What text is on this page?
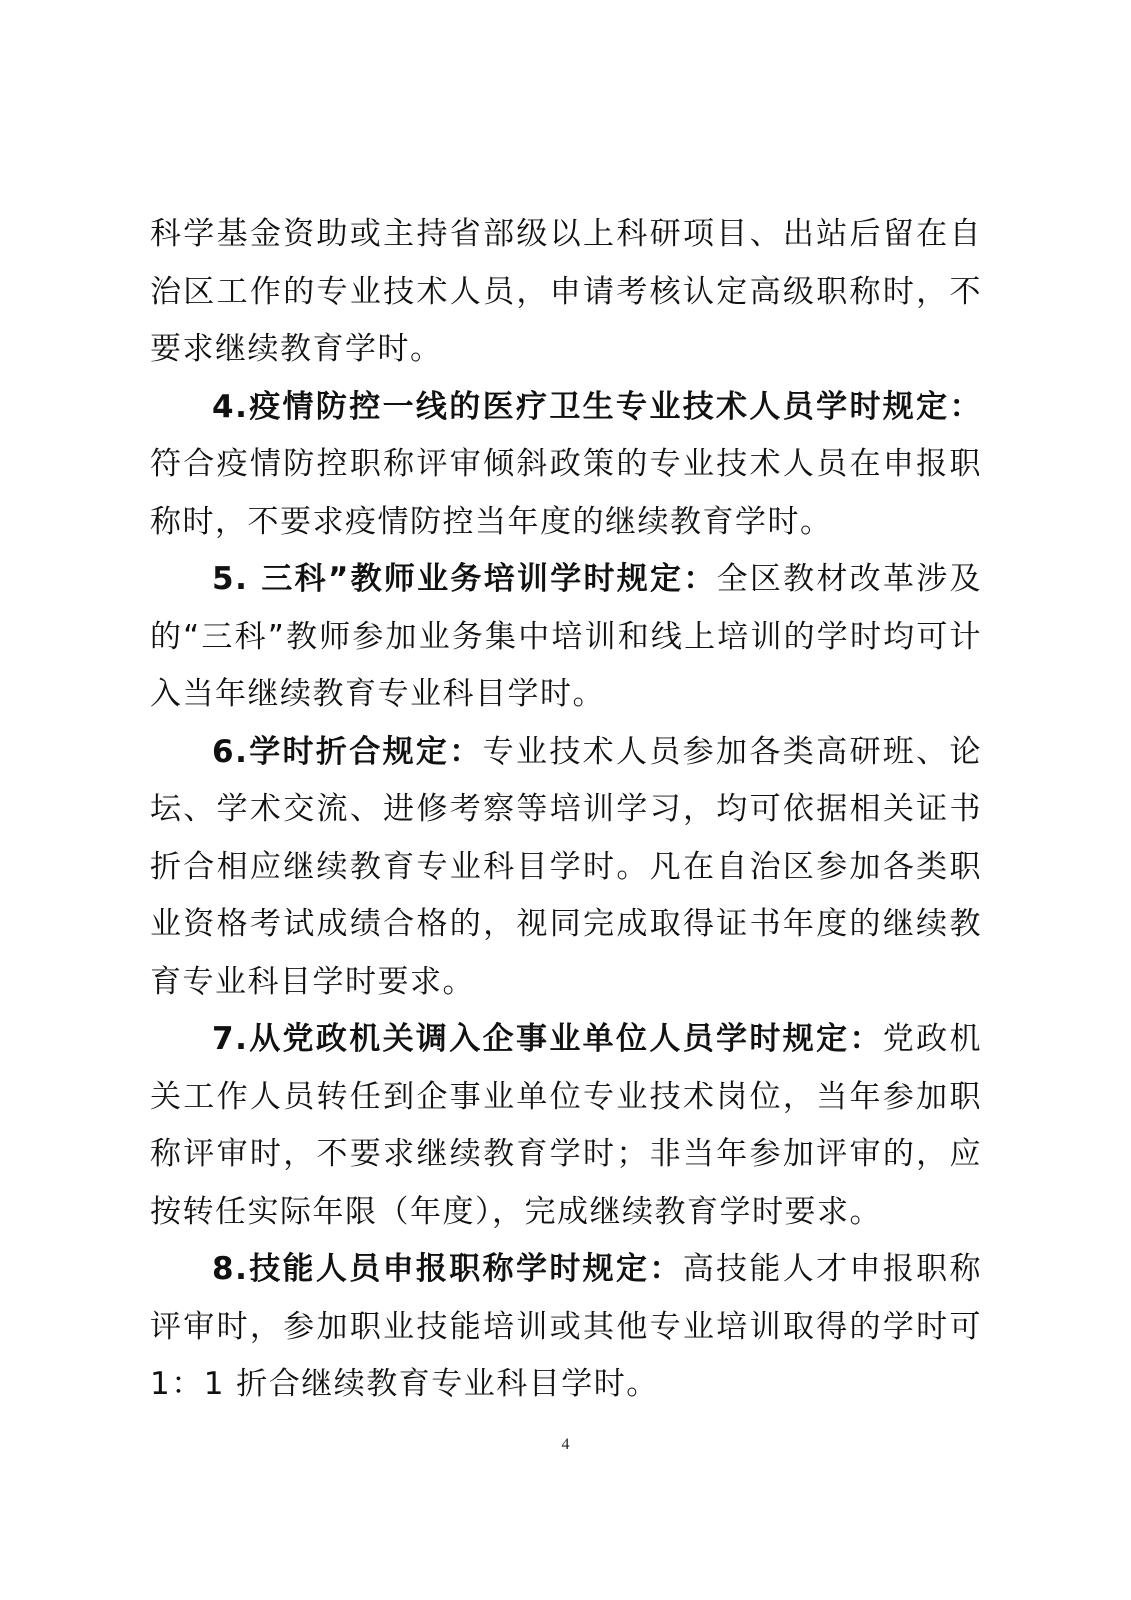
科学基金资助或主持省部级以上科研项目、出站后留在自治区工作的专业技术人员，申请考核认定高级职称时，不要求继续教育学时。

4.疫情防控一线的医疗卫生专业技术人员学时规定：符合疫情防控职称评审倾斜政策的专业技术人员在申报职称时，不要求疫情防控当年度的继续教育学时。

5. 三科”教师业务培训学时规定：全区教材改革涉及的“三科”教师参加业务集中培训和线上培训的学时均可计入当年继续教育专业科目学时。

6.学时折合规定：专业技术人员参加各类高研班、论坛、学术交流、进修考察等培训学习，均可依据相关证书折合相应继续教育专业科目学时。凡在自治区参加各类职业资格考试成绩合格的，视同完成取得证书年度的继续教育专业科目学时要求。

7.从党政机关调入企事业单位人员学时规定：党政机关工作人员转任到企事业单位专业技术岗位，当年参加职称评审时，不要求继续教育学时；非当年参加评审的，应按转任实际年限（年度），完成继续教育学时要求。

8.技能人员申报职称学时规定：高技能人才申报职称评审时，参加职业技能培训或其他专业培训取得的学时可 1：1 折合继续教育专业科目学时。

4
